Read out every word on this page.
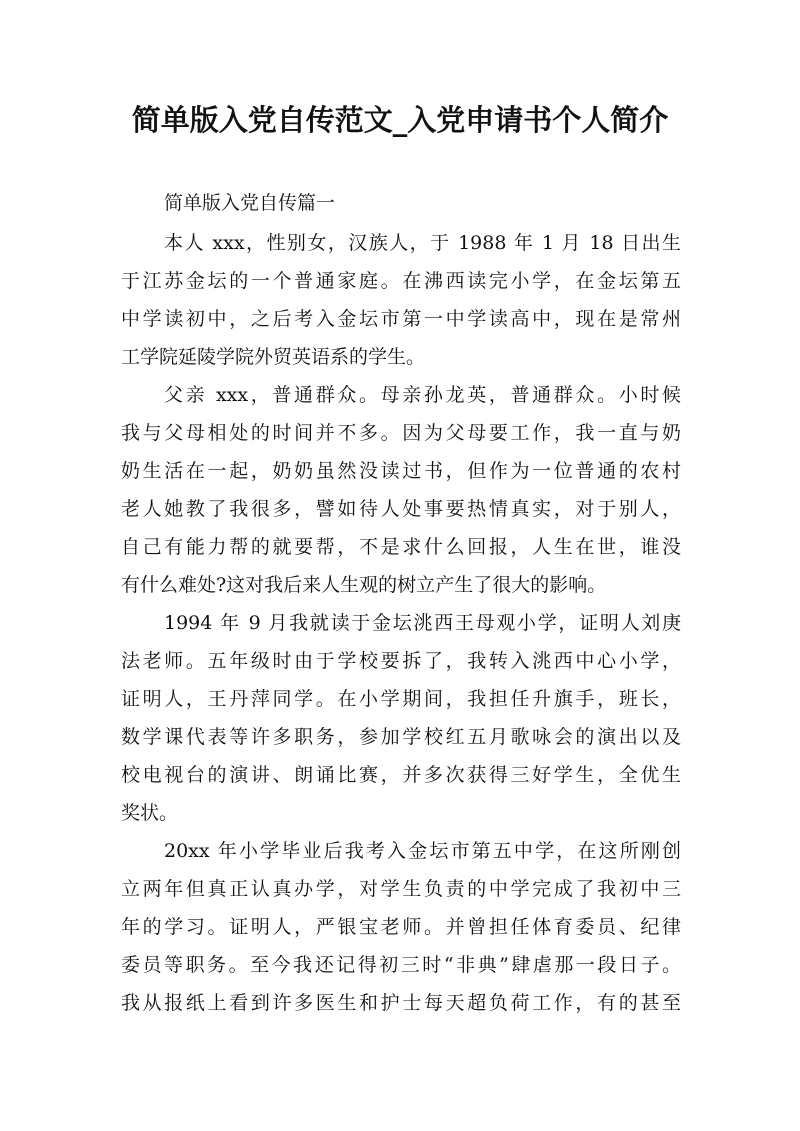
简单版入党自传范文_入党申请书个人简介
简单版入党自传篇一
本人 xxx，性别女，汉族人，于 1988 年 1 月 18 日出生
于江苏金坛的一个普通家庭。在沸西读完小学，在金坛第五
中学读初中，之后考入金坛市第一中学读高中，现在是常州
工学院延陵学院外贸英语系的学生。
父亲 xxx，普通群众。母亲孙龙英，普通群众。小时候
我与父母相处的时间并不多。因为父母要工作，我一直与奶
奶生活在一起，奶奶虽然没读过书，但作为一位普通的农村
老人她教了我很多，譬如待人处事要热情真实，对于别人，
自己有能力帮的就要帮，不是求什么回报，人生在世，谁没
有什么难处?这对我后来人生观的树立产生了很大的影响。
1994 年 9 月我就读于金坛洮西王母观小学，证明人刘庚
法老师。五年级时由于学校要拆了，我转入洮西中心小学，
证明人，王丹萍同学。在小学期间，我担任升旗手，班长，
数学课代表等许多职务，参加学校红五月歌咏会的演出以及
校电视台的演讲、朗诵比赛，并多次获得三好学生，全优生
奖状。
20xx 年小学毕业后我考入金坛市第五中学，在这所刚创
立两年但真正认真办学，对学生负责的中学完成了我初中三
年的学习。证明人，严银宝老师。并曾担任体育委员、纪律
委员等职务。至今我还记得初三时“非典”肆虐那一段日子。
我从报纸上看到许多医生和护士每天超负荷工作，有的甚至
